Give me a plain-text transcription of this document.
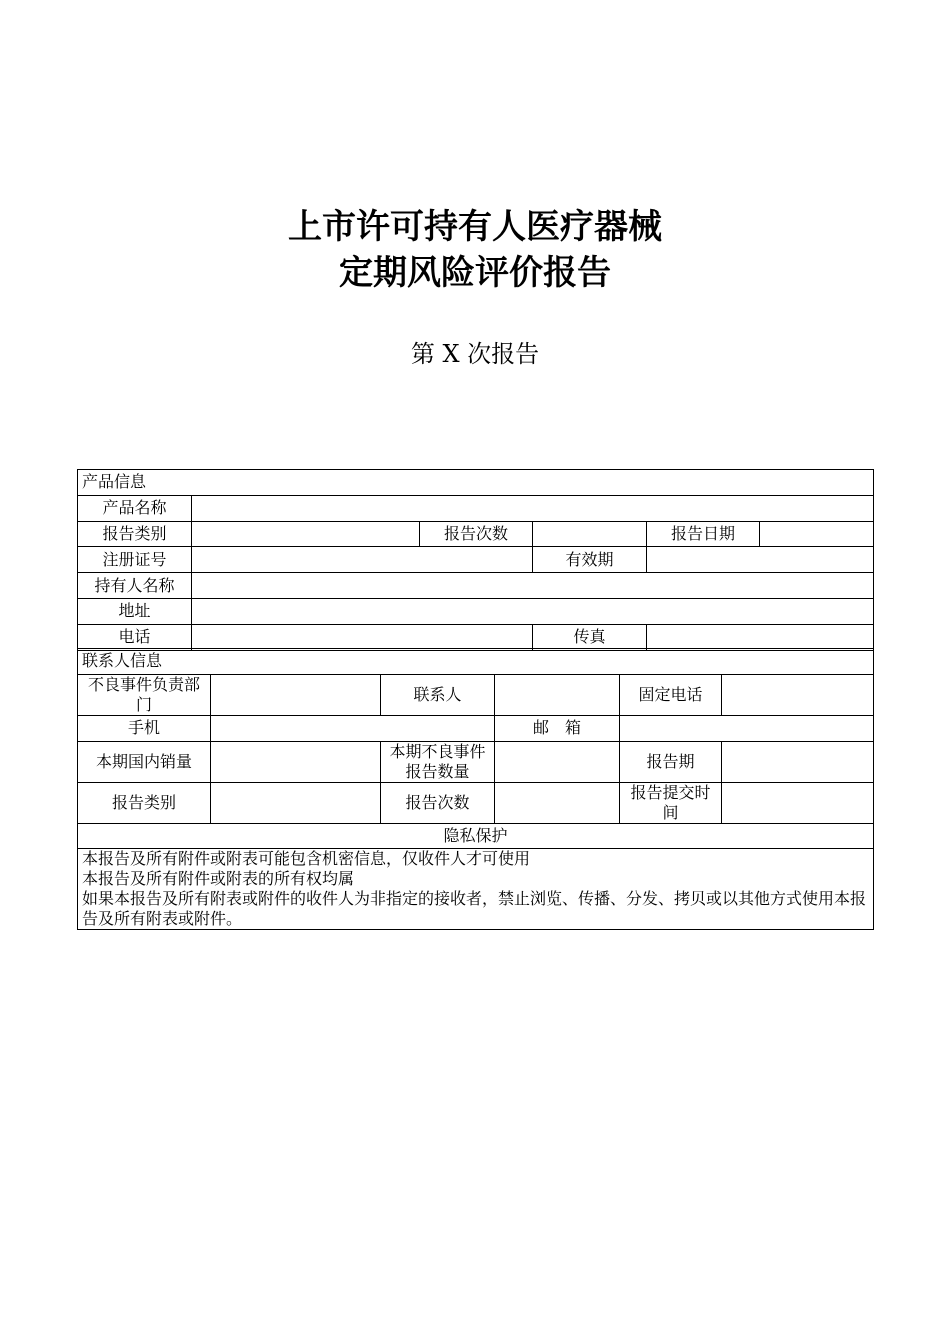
上市许可持有人医疗器械
定期风险评价报告
第 X 次报告
产品信息					
产品名称					
报告类别		报告次数		报告日期	
注册证号			有效期		
持有人名称					
地址					
电话			传真		
联系人信息					
不良事件负责部门		联系人		固定电话	
手机			邮　箱		
本期国内销量		本期不良事件报告数量		报告期	
报告类别		报告次数		报告提交时间	
隐私保护					

本报告及所有附件或附表可能包含机密信息，仅收件人才可使用
本报告及所有附件或附表的所有权均属
如果本报告及所有附表或附件的收件人为非指定的接收者，禁止浏览、传播、分发、拷贝或以其他方式使用本报告及所有附表或附件。					
